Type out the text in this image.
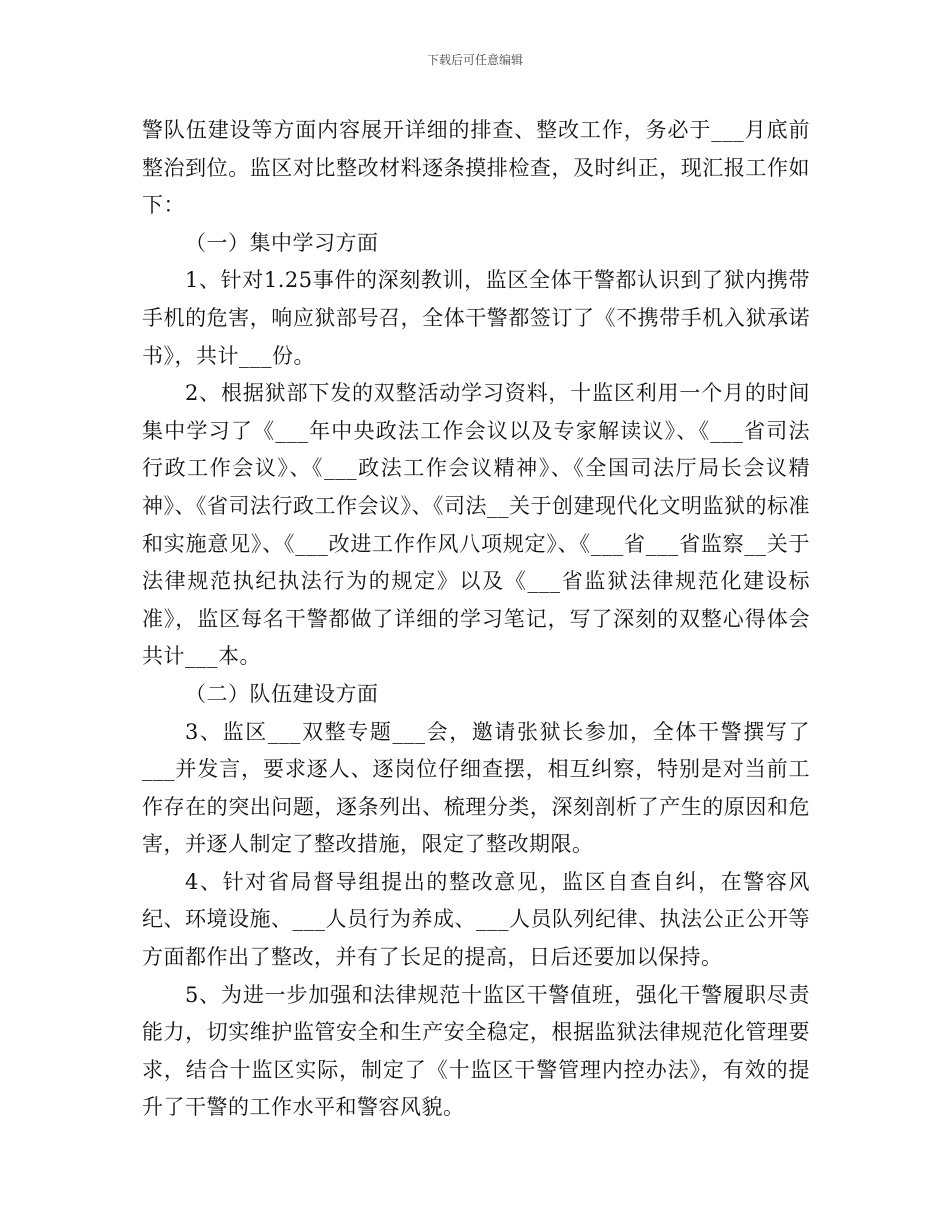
下载后可任意编辑

警队伍建设等方面内容展开详细的排查、整改工作，务必于___月底前整治到位。监区对比整改材料逐条摸排检查，及时纠正，现汇报工作如下：

（一）集中学习方面

1、针对1.25事件的深刻教训，监区全体干警都认识到了狱内携带手机的危害，响应狱部号召，全体干警都签订了《不携带手机入狱承诺书》，共计___份。

2、根据狱部下发的双整活动学习资料，十监区利用一个月的时间集中学习了《___年中央政法工作会议以及专家解读议》、《___省司法行政工作会议》、《___政法工作会议精神》、《全国司法厅局长会议精神》、《省司法行政工作会议》、《司法__关于创建现代化文明监狱的标准和实施意见》、《___改进工作作风八项规定》、《___省___省监察__关于法律规范执纪执法行为的规定》以及《___省监狱法律规范化建设标准》，监区每名干警都做了详细的学习笔记，写了深刻的双整心得体会共计___本。

（二）队伍建设方面

3、监区___双整专题___会，邀请张狱长参加，全体干警撰写了___并发言，要求逐人、逐岗位仔细查摆，相互纠察，特别是对当前工作存在的突出问题，逐条列出、梳理分类，深刻剖析了产生的原因和危害，并逐人制定了整改措施，限定了整改期限。

4、针对省局督导组提出的整改意见，监区自查自纠，在警容风纪、环境设施、___人员行为养成、___人员队列纪律、执法公正公开等方面都作出了整改，并有了长足的提高，日后还要加以保持。

5、为进一步加强和法律规范十监区干警值班，强化干警履职尽责能力，切实维护监管安全和生产安全稳定，根据监狱法律规范化管理要求，结合十监区实际，制定了《十监区干警管理内控办法》，有效的提升了干警的工作水平和警容风貌。
